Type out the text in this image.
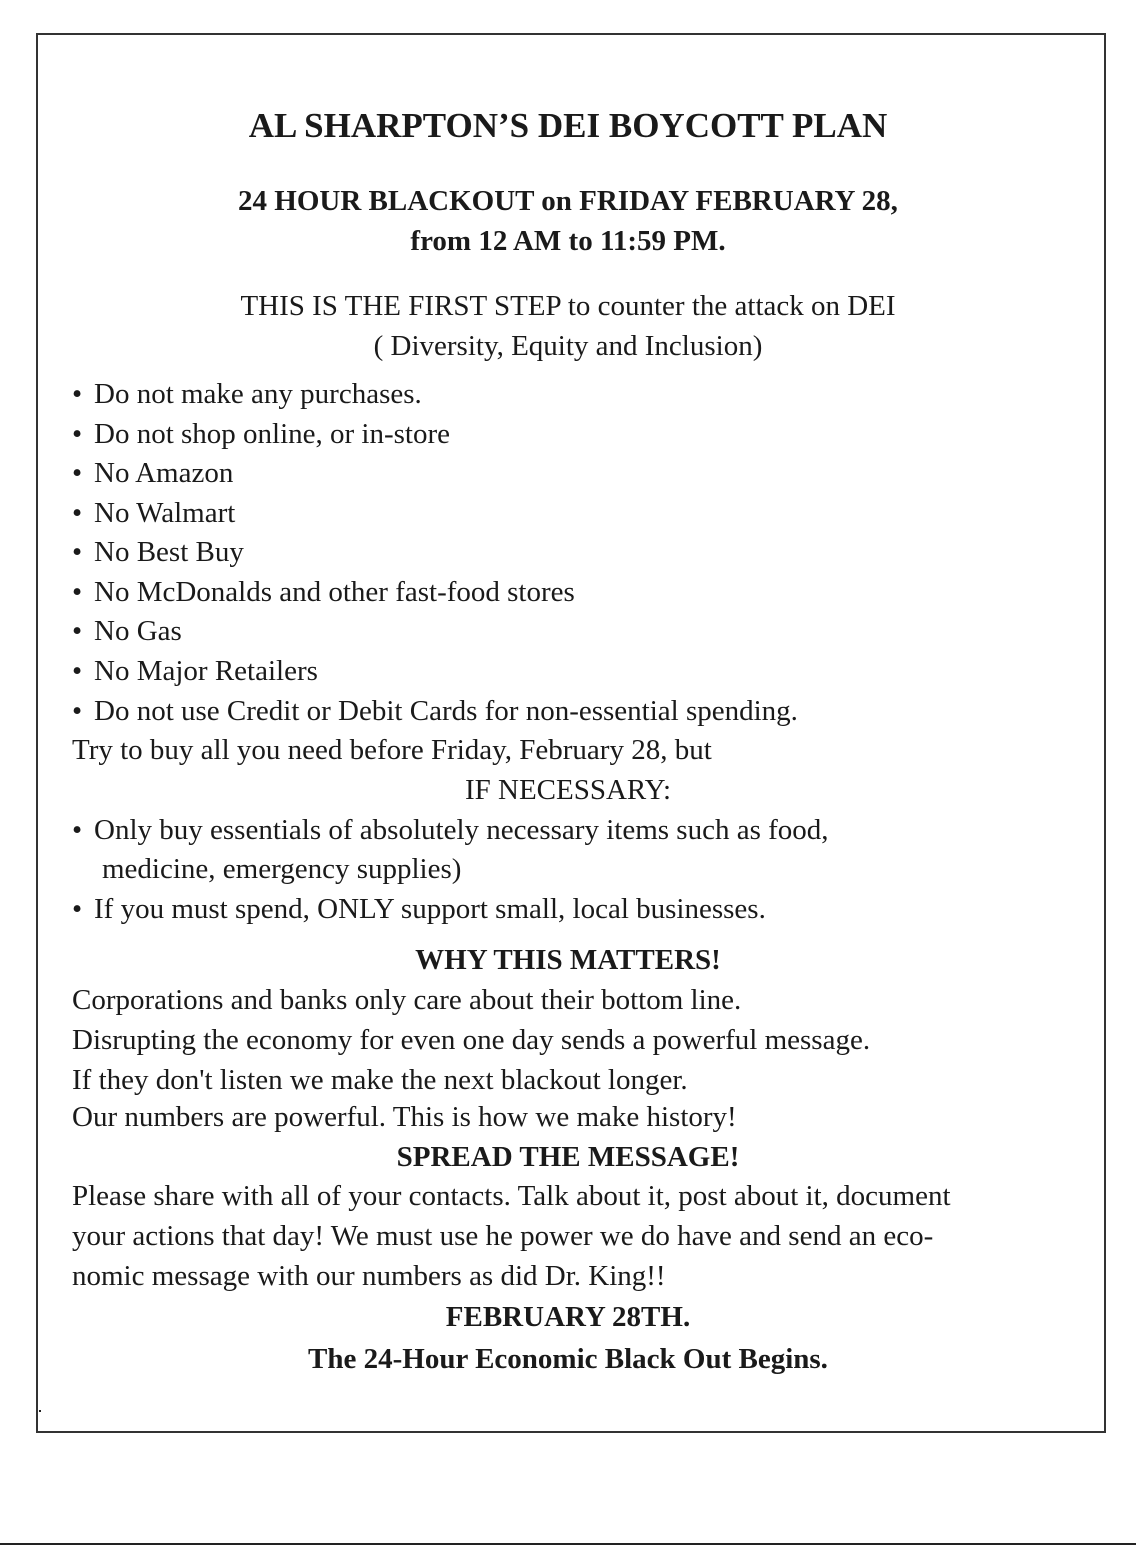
AL SHARPTON’S DEI BOYCOTT PLAN
24 HOUR BLACKOUT on FRIDAY FEBRUARY 28,
from 12 AM to 11:59 PM.
THIS IS THE FIRST STEP to counter the attack on DEI
( Diversity, Equity and Inclusion)
• Do not make any purchases.
• Do not shop online, or in-store
• No Amazon
• No Walmart
• No Best Buy
• No McDonalds and other fast-food stores
• No Gas
• No Major Retailers
• Do not use Credit or Debit Cards for non-essential spending.
Try to buy all you need before Friday, February 28, but
IF NECESSARY:
• Only buy essentials of absolutely necessary items such as food,
medicine, emergency supplies)
• If you must spend, ONLY support small, local businesses.
WHY THIS MATTERS!
Corporations and banks only care about their bottom line.
Disrupting the economy for even one day sends a powerful message.
If they don't listen we make the next blackout longer.
Our numbers are powerful. This is how we make history!
SPREAD THE MESSAGE!
Please share with all of your contacts. Talk about it, post about it, document
your actions that day! We must use he power we do have and send an eco-
nomic message with our numbers as did Dr. King!!
FEBRUARY 28TH.
The 24-Hour Economic Black Out Begins.
